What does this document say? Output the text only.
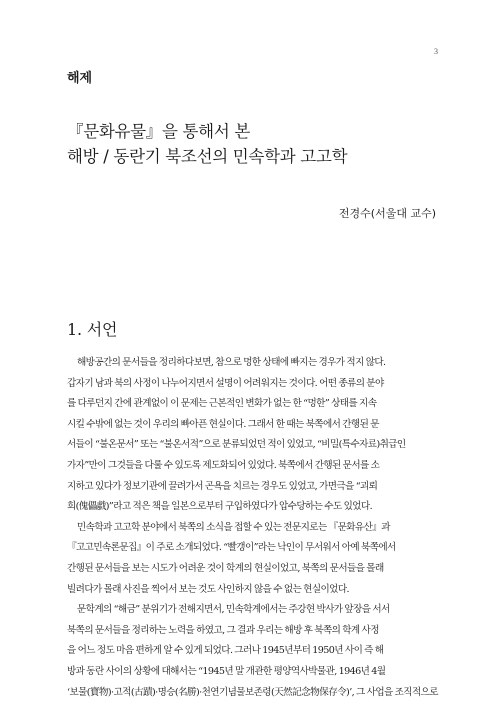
3
해제
『문화유물』을 통해서 본
해방 / 동란기 북조선의 민속학과 고고학
전경수(서울대 교수)
1. 서언
해방공간의 문서들을 정리하다보면, 참으로 멍한 상태에 빠지는 경우가 적지 않다.
갑자기 남과 북의 사정이 나누어지면서 설명이 어려워지는 것이다. 어떤 종류의 분야
를 다루던지 간에 관계없이 이 문제는 근본적인 변화가 없는 한 “멍한” 상태를 지속
시킬 수밖에 없는 것이 우리의 빠아픈 현실이다. 그래서 한 때는 북쪽에서 간행된 문
서들이 “불온문서” 또는 “불온서적”으로 분류되었던 적이 있었고, “비밀(특수자료)취급인
가자”만이 그것들을 다룰 수 있도록 제도화되어 있었다. 북쪽에서 간행된 문서를 소
지하고 있다가 정보기관에 끌려가서 곤욕을 치르는 경우도 있었고, 가면극을 “괴뢰
희(傀儡戱)”라고 적은 책을 일본으로부터 구입하였다가 압수당하는 수도 있었다.
민속학과 고고학 분야에서 북쪽의 소식을 접할 수 있는 전문지로는 『문화유산』과
『고고민속론문집』이 주로 소개되었다. “빨갱이”라는 낙인이 무서워서 아예 북쪽에서
간행된 문서들을 보는 시도가 어려운 것이 학계의 현실이었고, 북쪽의 문서들을 몰래
빌려다가 몰래 사진을 찍어서 보는 것도 사인하지 않을 수 없는 현실이었다.
문학계의 “해금” 분위기가 전해지면서, 민속학계에서는 주강현 박사가 앞장을 서서
북쪽의 문서들을 정리하는 노력을 하였고, 그 결과 우리는 해방 후 북쪽의 학계 사정
을 어느 정도 마음 편하게 알 수 있게 되었다. 그러나 1945년부터 1950년 사이 즉 해
방과 동란 사이의 상황에 대해서는 “1945년 말 개관한 평양역사박물관, 1946년 4월
‘보물(寶物)·고적(古蹟)·명승(名勝)·천연기념물보존령(天然記念物保存令)’, 그 사업을 조직적으로
